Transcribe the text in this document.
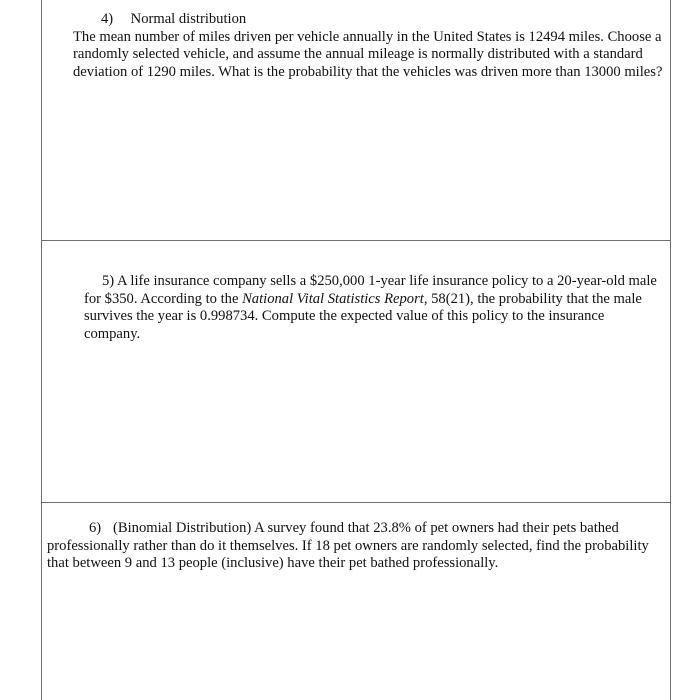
4) Normal distribution
The mean number of miles driven per vehicle annually in the United States is 12494 miles. Choose a randomly selected vehicle, and assume the annual mileage is normally distributed with a standard deviation of 1290 miles. What is the probability that the vehicles was driven more than 13000 miles?
5) A life insurance company sells a $250,000 1-year life insurance policy to a 20-year-old male for $350. According to the National Vital Statistics Report, 58(21), the probability that the male survives the year is 0.998734. Compute the expected value of this policy to the insurance company.
6) (Binomial Distribution) A survey found that 23.8% of pet owners had their pets bathed professionally rather than do it themselves. If 18 pet owners are randomly selected, find the probability that between 9 and 13 people (inclusive) have their pet bathed professionally.
